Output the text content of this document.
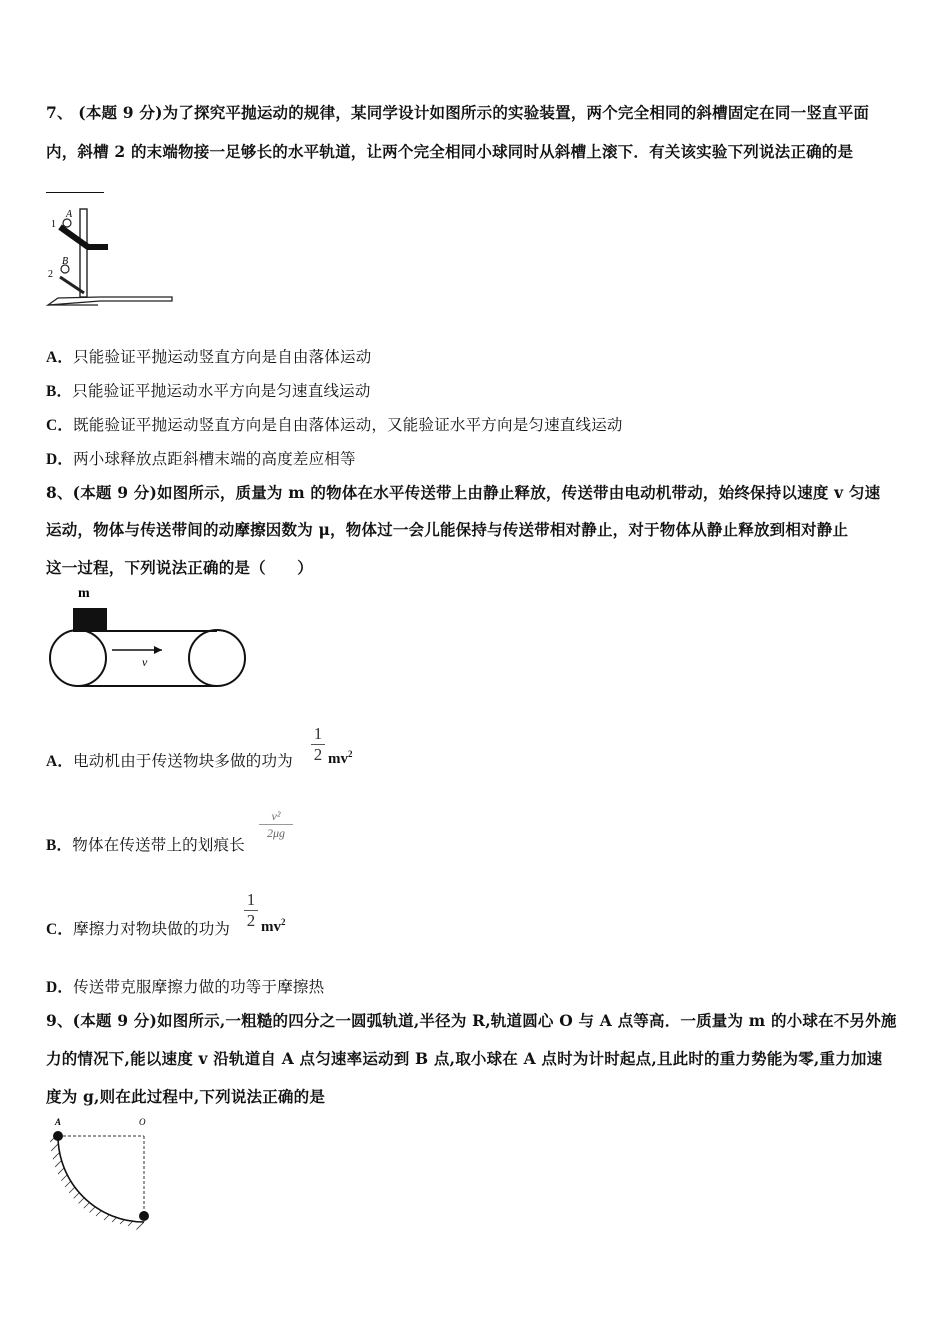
7、 (本题 9 分)为了探究平抛运动的规律，某同学设计如图所示的实验装置，两个完全相同的斜槽固定在同一竖直平面
内，斜槽 2 的末端物接一足够长的水平轨道，让两个完全相同小球同时从斜槽上滚下．有关该实验下列说法正确的是
A
1
B
2
A．只能验证平抛运动竖直方向是自由落体运动
B．只能验证平抛运动水平方向是匀速直线运动
C．既能验证平抛运动竖直方向是自由落体运动，又能验证水平方向是匀速直线运动
D．两小球释放点距斜槽末端的高度差应相等
8、(本题 9 分)如图所示，质量为 m 的物体在水平传送带上由静止释放，传送带由电动机带动，始终保持以速度 v 匀速
运动，物体与传送带间的动摩擦因数为 μ，物体过一会儿能保持与传送带相对静止，对于物体从静止释放到相对静止
这一过程，下列说法正确的是（　　）
m
v
A．电动机由于传送物块多做的功为
1
2 $mv^2$
B．物体在传送带上的划痕长
v²
2μg
C．摩擦力对物块做的功为
1
2 $mv^2$
D．传送带克服摩擦力做的功等于摩擦热
9、(本题 9 分)如图所示,一粗糙的四分之一圆弧轨道,半径为 R,轨道圆心 O 与 A 点等高．一质量为 m 的小球在不另外施
力的情况下,能以速度 v 沿轨道自 A 点匀速率运动到 B 点,取小球在 A 点时为计时起点,且此时的重力势能为零,重力加速
度为 g,则在此过程中,下列说法正确的是
A	O
